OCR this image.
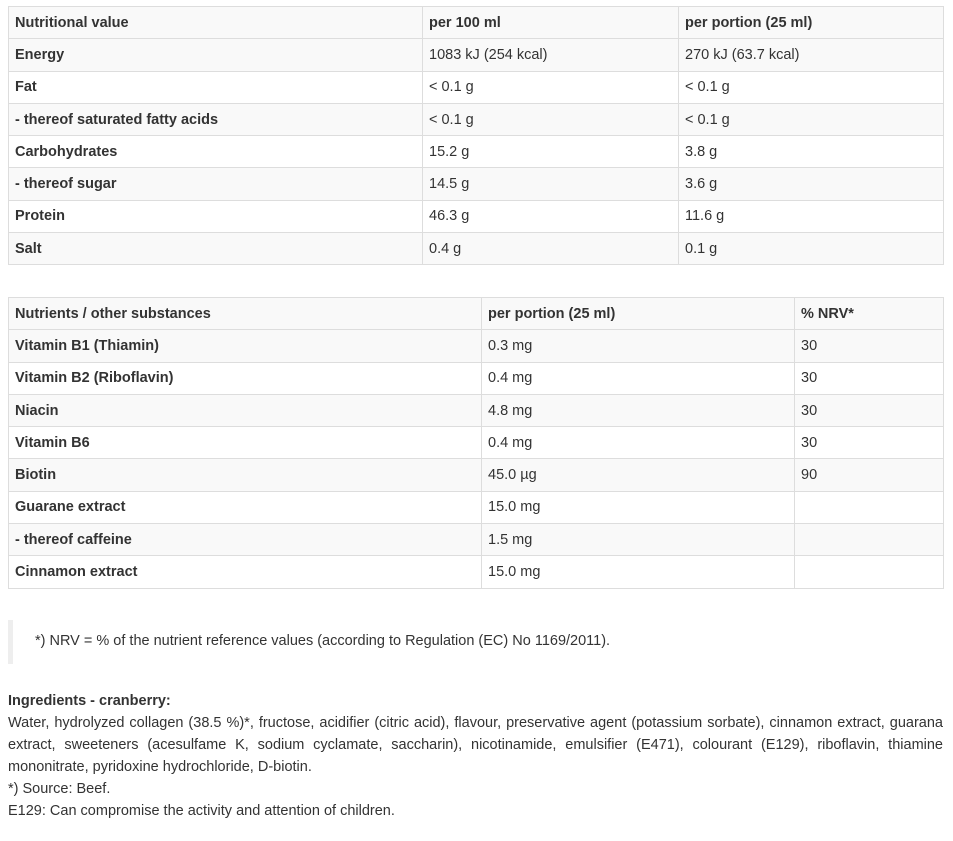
Nutritional value	per 100 ml	per portion (25 ml)
Energy	1083 kJ (254 kcal)	270 kJ (63.7 kcal)
Fat	< 0.1 g	< 0.1 g
- thereof saturated fatty acids	< 0.1 g	< 0.1 g
Carbohydrates	15.2 g	3.8 g
- thereof sugar	14.5 g	3.6 g
Protein	46.3 g	11.6 g
Salt	0.4 g	0.1 g
Nutrients / other substances	per portion (25 ml)	% NRV*
Vitamin B1 (Thiamin)	0.3 mg	30
Vitamin B2 (Riboflavin)	0.4 mg	30
Niacin	4.8 mg	30
Vitamin B6	0.4 mg	30
Biotin	45.0 µg	90
Guarane extract	15.0 mg	
- thereof caffeine	1.5 mg	
Cinnamon extract	15.0 mg	
*) NRV = % of the nutrient reference values (according to Regulation (EC) No 1169/2011).
Ingredients - cranberry:
Water, hydrolyzed collagen (38.5 %)*, fructose, acidifier (citric acid), flavour, preservative agent (potassium sorbate), cinnamon extract, guarana extract, sweeteners (acesulfame K, sodium cyclamate, saccharin), nicotinamide, emulsifier (E471), colourant (E129), riboflavin, thiamine mononitrate, pyridoxine hydrochloride, D-biotin.
*) Source: Beef.
E129: Can compromise the activity and attention of children.
